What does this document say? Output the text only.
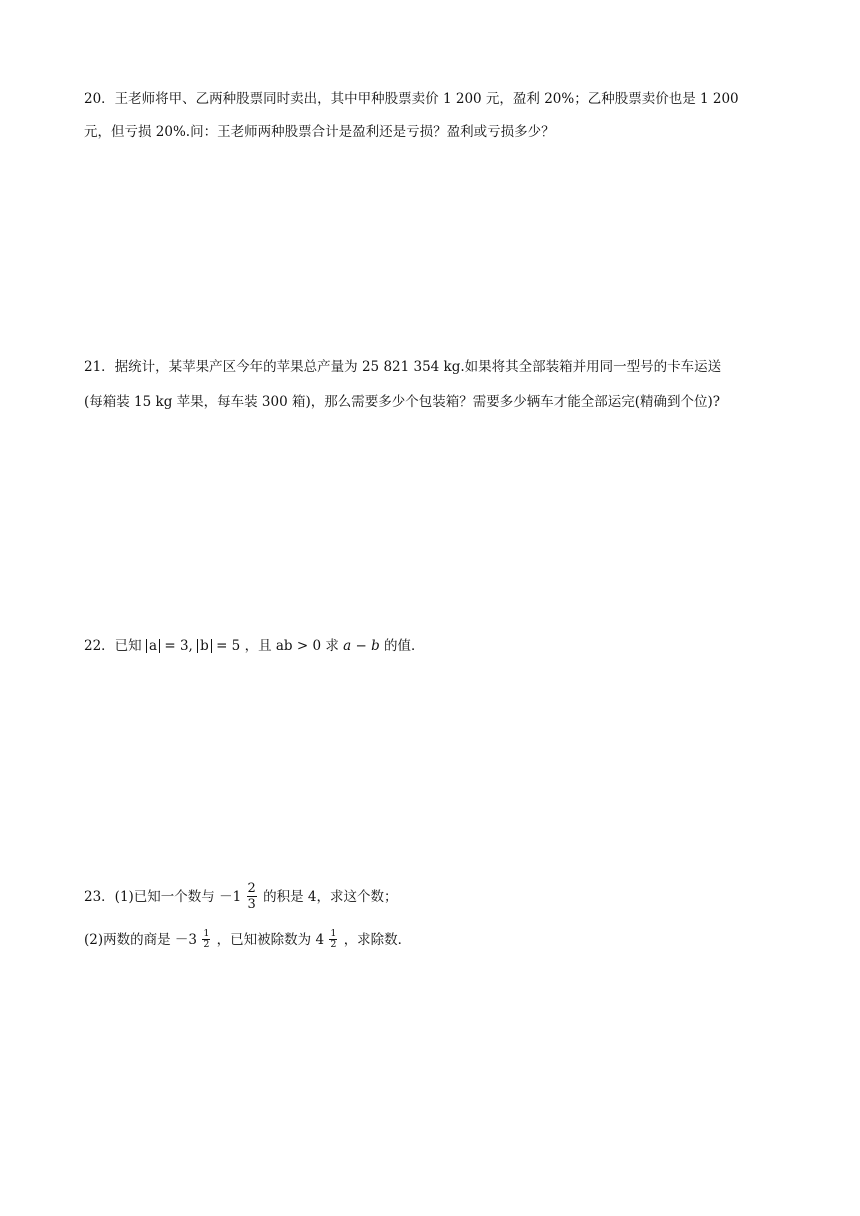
20．王老师将甲、乙两种股票同时卖出，其中甲种股票卖价 1 200 元，盈利 20%；乙种股票卖价也是 1 200
元，但亏损 20%.问：王老师两种股票合计是盈利还是亏损？盈利或亏损多少？
21．据统计，某苹果产区今年的苹果总产量为 25 821 354 kg.如果将其全部装箱并用同一型号的卡车运送
(每箱装 15 kg 苹果，每车装 300 箱)，那么需要多少个包装箱？需要多少辆车才能全部运完(精确到个位)?
22．已知 a = 3, b = 5 ，且 ab > 0 求 a − b 的值．
23．(1)已知一个数与 $-1 \frac{2}{3}$ 的积是 4，求这个数；
(2)两数的商是 $-3 \frac{1}{2}$ ，已知被除数为 $4 \frac{1}{2}$ ，求除数．
